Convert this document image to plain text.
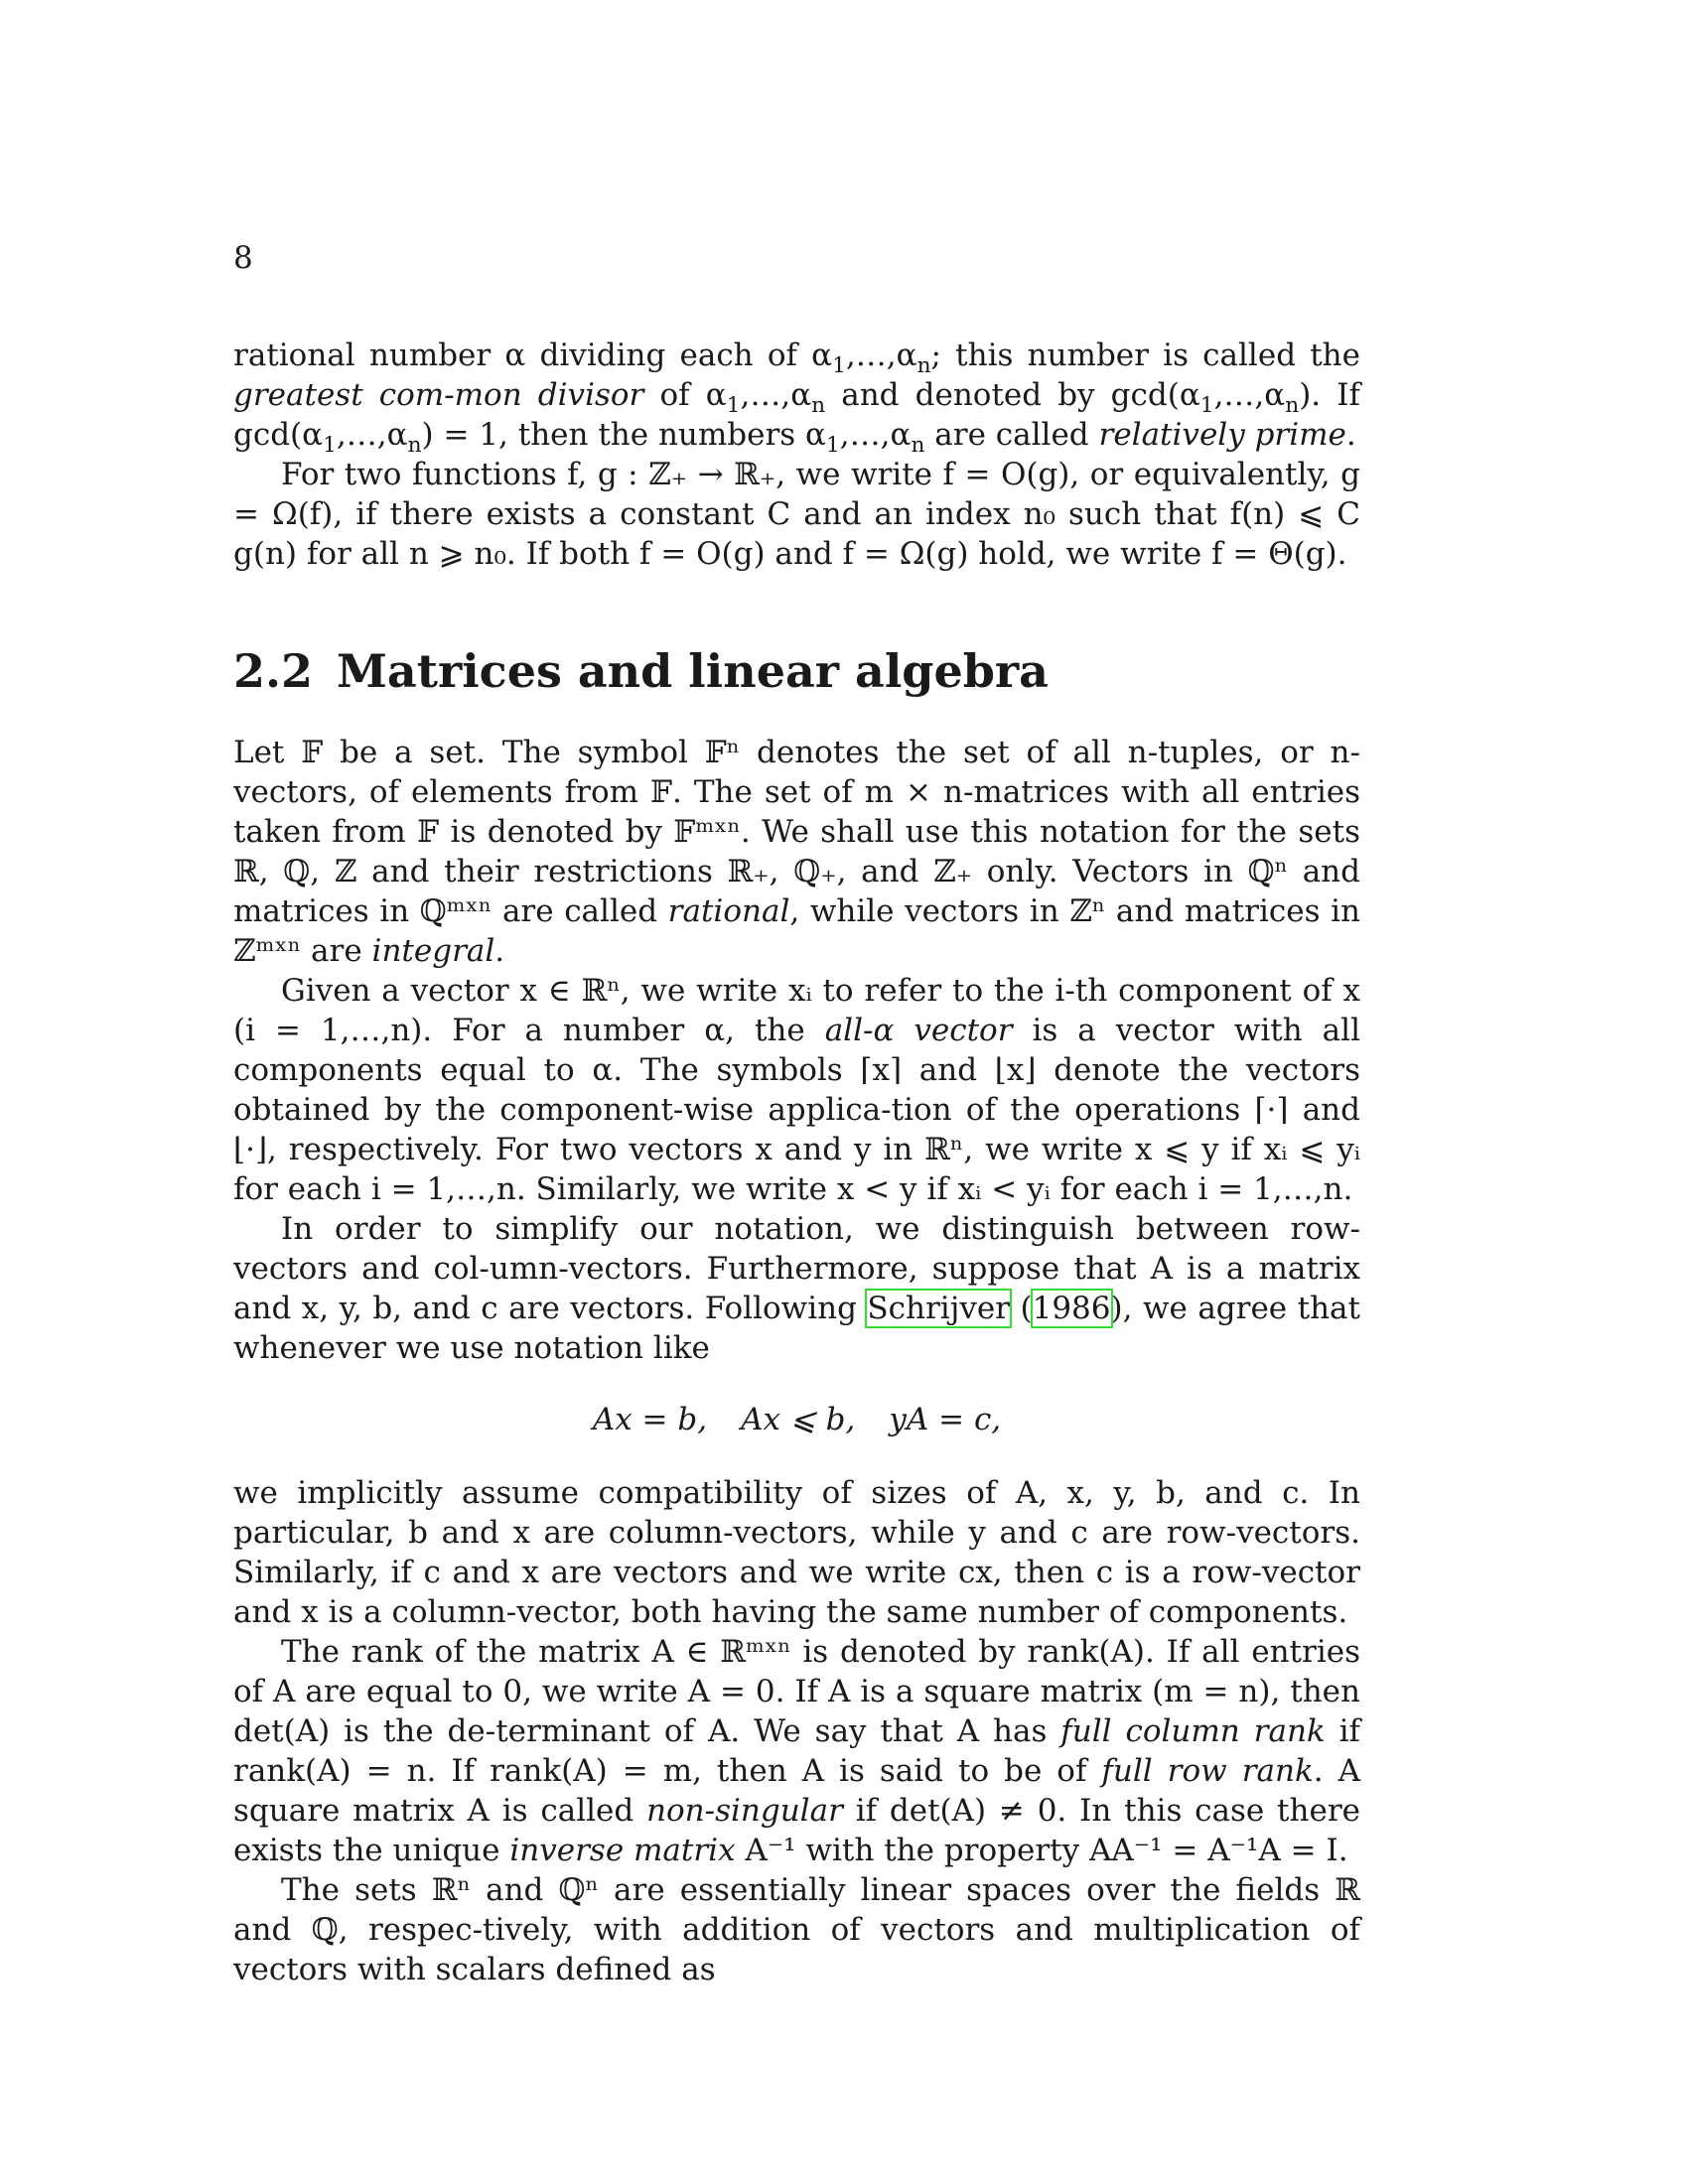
8

rational number α dividing each of $\alpha_1,\dots,\alpha_n$; this number is called the greatest com-mon divisor of $\alpha_1,\dots,\alpha_n$ and denoted by $\gcd(\alpha_1,\dots,\alpha_n)$. If $\gcd(\alpha_1,\dots,\alpha_n) = 1$, then the numbers $\alpha_1,\dots,\alpha_n$ are called relatively prime.

For two functions f, g : ℤ₊ → ℝ₊, we write f = O(g), or equivalently, g = Ω(f), if there exists a constant C and an index n₀ such that f(n) ⩽ C g(n) for all n ⩾ n₀. If both f = O(g) and f = Ω(g) hold, we write f = Θ(g).

2.2 Matrices and linear algebra

Let 𝔽 be a set. The symbol 𝔽ⁿ denotes the set of all n-tuples, or n-vectors, of elements from 𝔽. The set of m × n-matrices with all entries taken from 𝔽 is denoted by 𝔽ᵐˣⁿ. We shall use this notation for the sets ℝ, ℚ, ℤ and their restrictions ℝ₊, ℚ₊, and ℤ₊ only. Vectors in ℚⁿ and matrices in ℚᵐˣⁿ are called rational, while vectors in ℤⁿ and matrices in ℤᵐˣⁿ are integral.

Given a vector x ∈ ℝⁿ, we write xᵢ to refer to the i-th component of x (i = 1,…,n). For a number α, the all-α vector is a vector with all components equal to α. The symbols ⌈x⌉ and ⌊x⌋ denote the vectors obtained by the component-wise applica-tion of the operations ⌈·⌉ and ⌊·⌋, respectively. For two vectors x and y in ℝⁿ, we write x ⩽ y if xᵢ ⩽ yᵢ for each i = 1,…,n. Similarly, we write x < y if xᵢ < yᵢ for each i = 1,…,n.

In order to simplify our notation, we distinguish between row-vectors and col-umn-vectors. Furthermore, suppose that A is a matrix and x, y, b, and c are vectors. Following Schrijver (1986), we agree that whenever we use notation like

Ax = b, Ax ⩽ b, yA = c,

we implicitly assume compatibility of sizes of A, x, y, b, and c. In particular, b and x are column-vectors, while y and c are row-vectors. Similarly, if c and x are vectors and we write cx, then c is a row-vector and x is a column-vector, both having the same number of components.

The rank of the matrix A ∈ ℝᵐˣⁿ is denoted by rank(A). If all entries of A are equal to 0, we write A = 0. If A is a square matrix (m = n), then det(A) is the de-terminant of A. We say that A has full column rank if rank(A) = n. If rank(A) = m, then A is said to be of full row rank. A square matrix A is called non-singular if det(A) ≠ 0. In this case there exists the unique inverse matrix A⁻¹ with the property AA⁻¹ = A⁻¹A = I.

The sets ℝⁿ and ℚⁿ are essentially linear spaces over the fields ℝ and ℚ, respec-tively, with addition of vectors and multiplication of vectors with scalars defined as
